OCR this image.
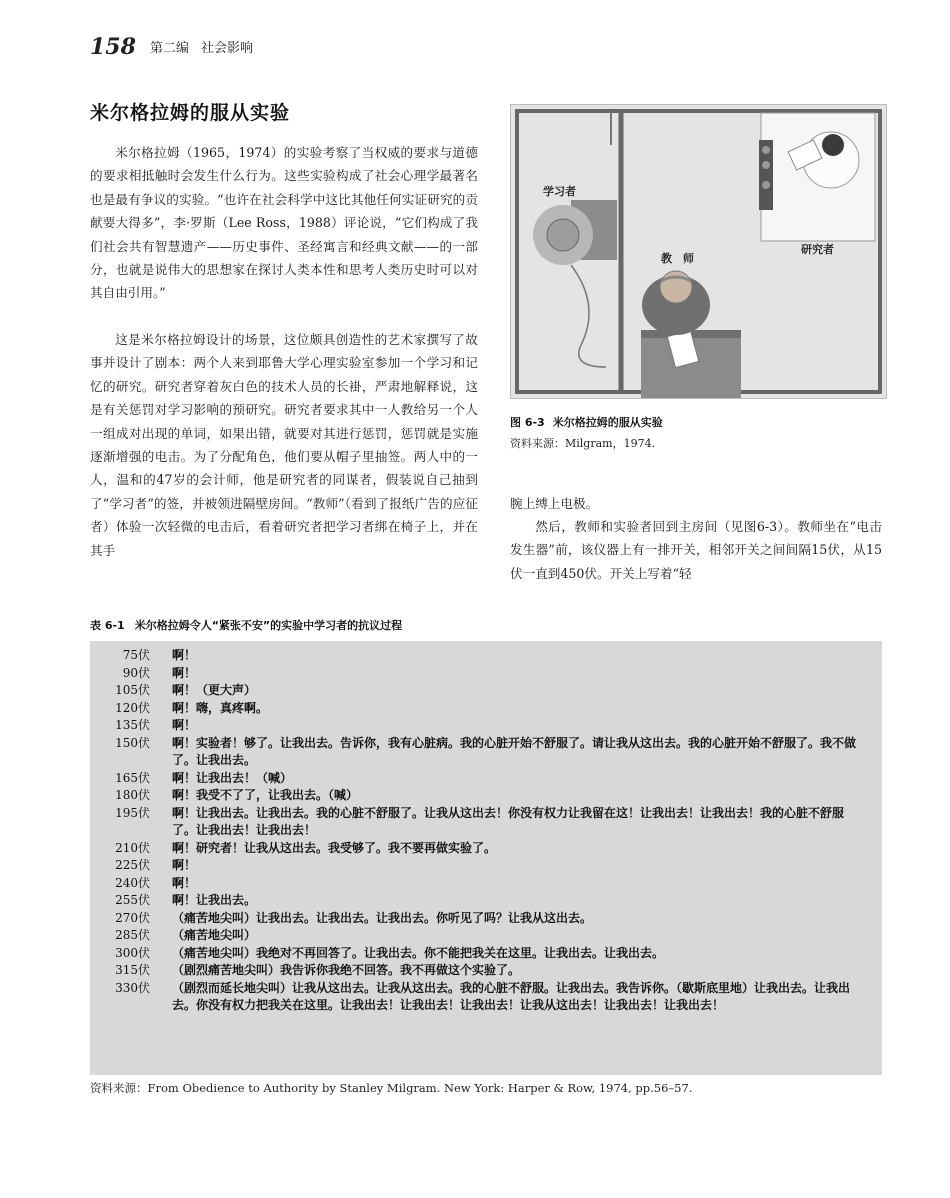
158 第二编 社会影响
米尔格拉姆的服从实验

米尔格拉姆（1965，1974）的实验考察了当权威的要求与道德的要求相抵触时会发生什么行为。这些实验构成了社会心理学最著名也是最有争议的实验。“也许在社会科学中这比其他任何实证研究的贡献要大得多”，李·罗斯（Lee Ross，1988）评论说，“它们构成了我们社会共有智慧遗产——历史事件、圣经寓言和经典文献——的一部分，也就是说伟大的思想家在探讨人类本性和思考人类历史时可以对其自由引用。”

这是米尔格拉姆设计的场景，这位颇具创造性的艺术家撰写了故事并设计了剧本：两个人来到耶鲁大学心理实验室参加一个学习和记忆的研究。研究者穿着灰白色的技术人员的长褂，严肃地解释说，这是有关惩罚对学习影响的预研究。研究者要求其中一人教给另一个人一组成对出现的单词，如果出错，就要对其进行惩罚，惩罚就是实施逐渐增强的电击。为了分配角色，他们要从帽子里抽签。两人中的一人，温和的47岁的会计师，他是研究者的同谋者，假装说自己抽到了“学习者”的签，并被领进隔壁房间。“教师”（看到了报纸广告的应征者）体验一次轻微的电击后，看着研究者把学习者绑在椅子上，并在其手

学习者
教　师
研究者
图 6-3 米尔格拉姆的服从实验
资料来源：Milgram，1974.

腕上缚上电极。

然后，教师和实验者回到主房间（见图6-3）。教师坐在“电击发生器”前，该仪器上有一排开关，相邻开关之间间隔15伏，从15伏一直到450伏。开关上写着“轻

表 6-1 米尔格拉姆令人“紧张不安”的实验中学习者的抗议过程
75伏 啊！
90伏 啊！
105伏 啊！（更大声）
120伏 啊！嗨，真疼啊。
135伏 啊！
150伏 啊！实验者！够了。让我出去。告诉你，我有心脏病。我的心脏开始不舒服了。请让我从这出去。我的心脏开始不舒服了。我不做了。让我出去。
165伏 啊！让我出去！（喊）
180伏 啊！我受不了了，让我出去。（喊）
195伏 啊！让我出去。让我出去。我的心脏不舒服了。让我从这出去！你没有权力让我留在这！让我出去！让我出去！我的心脏不舒服了。让我出去！让我出去！
210伏 啊！研究者！让我从这出去。我受够了。我不要再做实验了。
225伏 啊！
240伏 啊！
255伏 啊！让我出去。
270伏 （痛苦地尖叫）让我出去。让我出去。让我出去。你听见了吗？让我从这出去。
285伏 （痛苦地尖叫）
300伏 （痛苦地尖叫）我绝对不再回答了。让我出去。你不能把我关在这里。让我出去。让我出去。
315伏 （剧烈痛苦地尖叫）我告诉你我绝不回答。我不再做这个实验了。
330伏 （剧烈而延长地尖叫）让我从这出去。让我从这出去。我的心脏不舒服。让我出去。我告诉你。（歇斯底里地）让我出去。让我出去。你没有权力把我关在这里。让我出去！让我出去！让我出去！让我从这出去！让我出去！让我出去！
资料来源：From Obedience to Authority by Stanley Milgram. New York: Harper & Row, 1974, pp.56–57.
